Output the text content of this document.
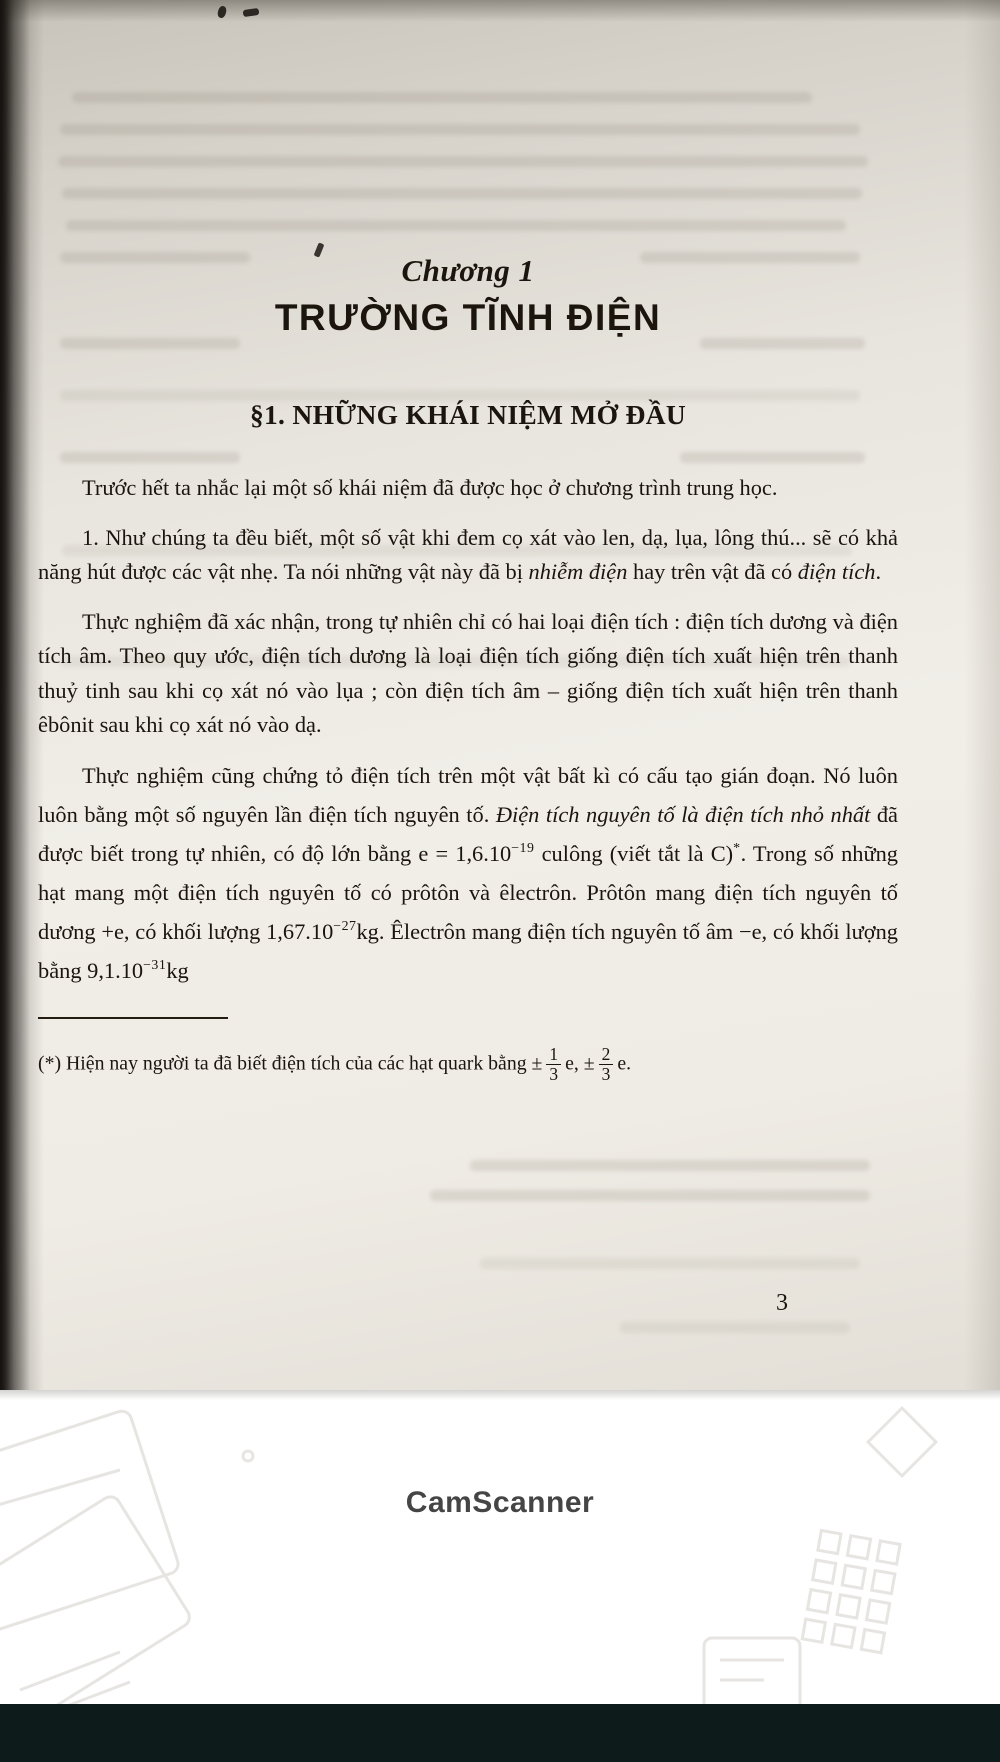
Chương 1
TRƯỜNG TĨNH ĐIỆN
§1. NHỮNG KHÁI NIỆM MỞ ĐẦU

Trước hết ta nhắc lại một số khái niệm đã được học ở chương trình trung học.

1. Như chúng ta đều biết, một số vật khi đem cọ xát vào len, dạ, lụa, lông thú... sẽ có khả năng hút được các vật nhẹ. Ta nói những vật này đã bị nhiễm điện hay trên vật đã có điện tích.

Thực nghiệm đã xác nhận, trong tự nhiên chỉ có hai loại điện tích : điện tích dương và điện tích âm. Theo quy ước, điện tích dương là loại điện tích giống điện tích xuất hiện trên thanh thuỷ tinh sau khi cọ xát nó vào lụa ; còn điện tích âm – giống điện tích xuất hiện trên thanh êbônit sau khi cọ xát nó vào dạ.

Thực nghiệm cũng chứng tỏ điện tích trên một vật bất kì có cấu tạo gián đoạn. Nó luôn luôn bằng một số nguyên lần điện tích nguyên tố. Điện tích nguyên tố là điện tích nhỏ nhất đã được biết trong tự nhiên, có độ lớn bằng $e = 1,6.10^{-19}$ culông (viết tắt là C)*. Trong số những hạt mang một điện tích nguyên tố có prôtôn và êlectrôn. Prôtôn mang điện tích nguyên tố dương +e, có khối lượng $1,67.10^{-27}kg$. Êlectrôn mang điện tích nguyên tố âm −e, có khối lượng bằng $9,1.10^{-31}kg$

(*) Hiện nay người ta đã biết điện tích của các hạt quark bằng ± $\frac{1}{3} e$, ± $\frac{2}{3} e$.

3
CamScanner
